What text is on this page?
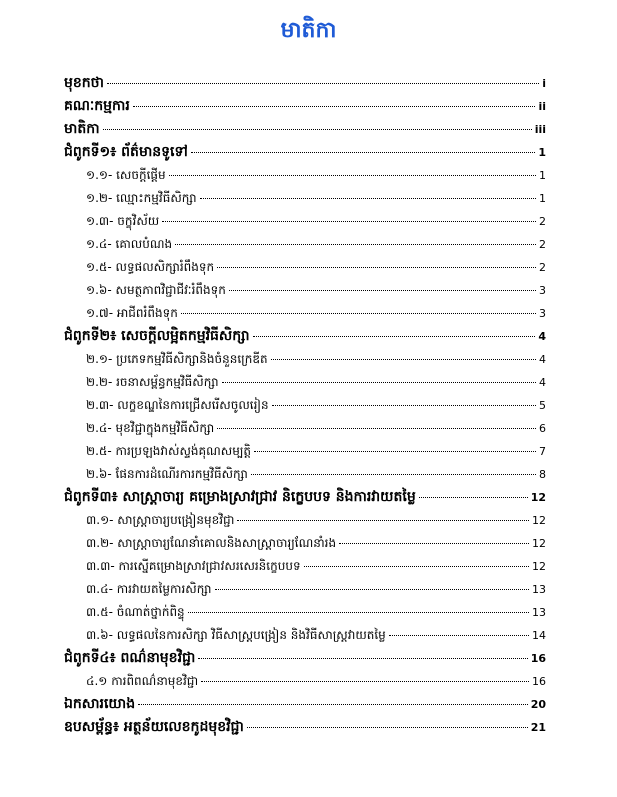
មាតិកា
មុខកថា	i
គណៈកម្មការ	ii
មាតិកា	iii
ជំពូកទី១៖ ព័ត៌មានទូទៅ	1
១.១- សេចក្តីផ្តើម	1
១.២- ឈ្មោះកម្មវិធីសិក្សា	1
១.៣- ចក្ខុវិស័យ	2
១.៤- គោលបំណង	2
១.៥- លទ្ធផលសិក្សារំពឹងទុក	2
១.៦- សមត្ថភាពវិជ្ជាជីវៈរំពឹងទុក	3
១.៧- អាជីពរំពឹងទុក	3
ជំពូកទី២៖ សេចក្តីលម្អិតកម្មវិធីសិក្សា	4
២.១- ប្រភេទកម្មវិធីសិក្សានិងចំនួនក្រេឌីត	4
២.២- រចនាសម្ព័ន្ធកម្មវិធីសិក្សា	4
២.៣- លក្ខខណ្ឌនៃការជ្រើសរើសចូលរៀន	5
២.៤- មុខវិជ្ជាក្នុងកម្មវិធីសិក្សា	6
២.៥- ការប្រឡងវាស់ស្ទង់គុណសម្បត្តិ	7
២.៦- ផែនការដំណើរការកម្មវិធីសិក្សា	8
ជំពូកទី៣៖ សាស្ត្រាចារ្យ គម្រោងស្រាវជ្រាវ និក្ខេបបទ និងការវាយតម្លៃ	12
៣.១- សាស្ត្រាចារ្យបង្រៀនមុខវិជ្ជា	12
៣.២- សាស្ត្រាចារ្យណែនាំគោលនិងសាស្ត្រាចារ្យណែនាំរង	12
៣.៣- ការស្នើគម្រោងស្រាវជ្រាវសរសេរនិក្ខេបបទ	12
៣.៤- ការវាយតម្លៃការសិក្សា	13
៣.៥- ចំណាត់ថ្នាក់ពិន្ទុ	13
៣.៦- លទ្ធផលនៃការសិក្សា វិធីសាស្ត្របង្រៀន និងវិធីសាស្ត្រវាយតម្លៃ	14
ជំពូកទី៤៖ ពណ៌នាមុខវិជ្ជា	16
៤.១ ការពិពណ៌នាមុខវិជ្ជា	16
ឯកសារយោង	20
ឧបសម្ព័ន្ធ៖ អត្ថន័យលេខកូដមុខវិជ្ជា	21
